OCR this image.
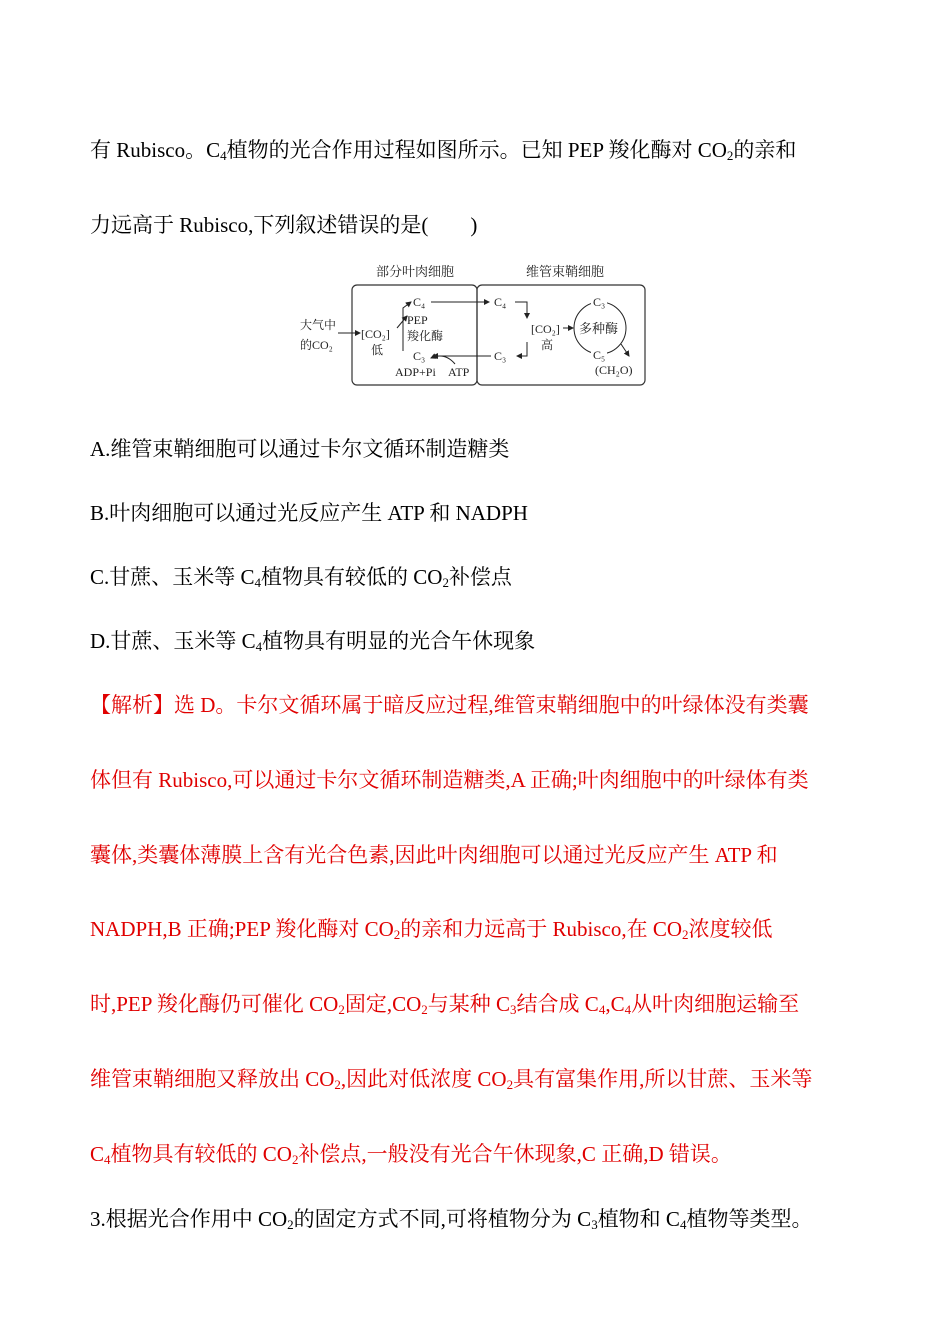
有 Rubisco。$C_4$植物的光合作用过程如图所示。已知 PEP 羧化酶对 $CO_2$的亲和
力远高于 Rubisco,下列叙述错误的是(　　)
部分叶肉细胞	维管束鞘细胞
大气中
的CO₂
[CO₂]
低
C₄
PEP
羧化酶
C₃
ADP+Pi ATP
C₄
C₃
[CO₂]
高
多种酶
C₃
C₅
(CH₂O)
A.维管束鞘细胞可以通过卡尔文循环制造糖类
B.叶肉细胞可以通过光反应产生 ATP 和 NADPH
C.甘蔗、玉米等 $C_4$植物具有较低的 $CO_2$补偿点
D.甘蔗、玉米等 $C_4$植物具有明显的光合午休现象
【解析】选 D。卡尔文循环属于暗反应过程,维管束鞘细胞中的叶绿体没有类囊
体但有 Rubisco,可以通过卡尔文循环制造糖类,A 正确;叶肉细胞中的叶绿体有类
囊体,类囊体薄膜上含有光合色素,因此叶肉细胞可以通过光反应产生 ATP 和
NADPH,B 正确;PEP 羧化酶对 $CO_2$的亲和力远高于 Rubisco,在 $CO_2$浓度较低
时,PEP 羧化酶仍可催化 $CO_2$固定$,CO_2$与某种 $C_3$结合成 $C_4,C_4$从叶肉细胞运输至
维管束鞘细胞又释放出 $CO_2$,因此对低浓度 $CO_2$具有富集作用,所以甘蔗、玉米等
$C_4$植物具有较低的 $CO_2$补偿点,一般没有光合午休现象,C 正确,D 错误。
3.根据光合作用中 $CO_2$的固定方式不同,可将植物分为 $C_3$植物和 $C_4$植物等类型。
